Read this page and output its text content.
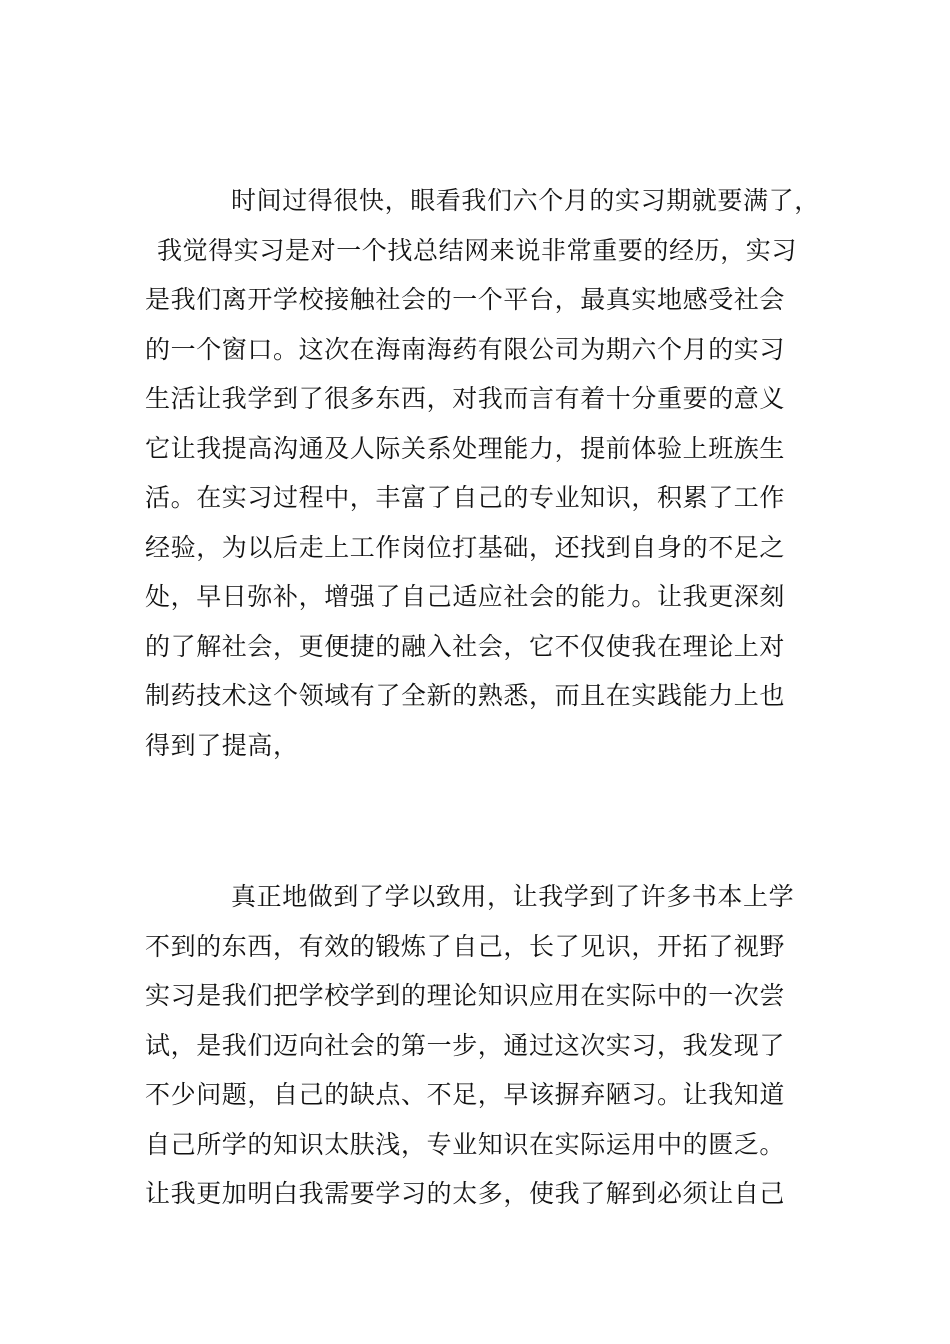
时间过得很快，眼看我们六个月的实习期就要满了，
我觉得实习是对一个找总结网来说非常重要的经历，实习
是我们离开学校接触社会的一个平台，最真实地感受社会
的一个窗口。这次在海南海药有限公司为期六个月的实习
生活让我学到了很多东西，对我而言有着十分重要的意义
它让我提高沟通及人际关系处理能力，提前体验上班族生
活。在实习过程中，丰富了自己的专业知识，积累了工作
经验，为以后走上工作岗位打基础，还找到自身的不足之
处，早日弥补，增强了自己适应社会的能力。让我更深刻
的了解社会，更便捷的融入社会，它不仅使我在理论上对
制药技术这个领域有了全新的熟悉，而且在实践能力上也
得到了提高，
真正地做到了学以致用，让我学到了许多书本上学
不到的东西，有效的锻炼了自己，长了见识，开拓了视野
实习是我们把学校学到的理论知识应用在实际中的一次尝
试，是我们迈向社会的第一步，通过这次实习，我发现了
不少问题，自己的缺点、不足，早该摒弃陋习。让我知道
自己所学的知识太肤浅，专业知识在实际运用中的匮乏。
让我更加明白我需要学习的太多，使我了解到必须让自己
